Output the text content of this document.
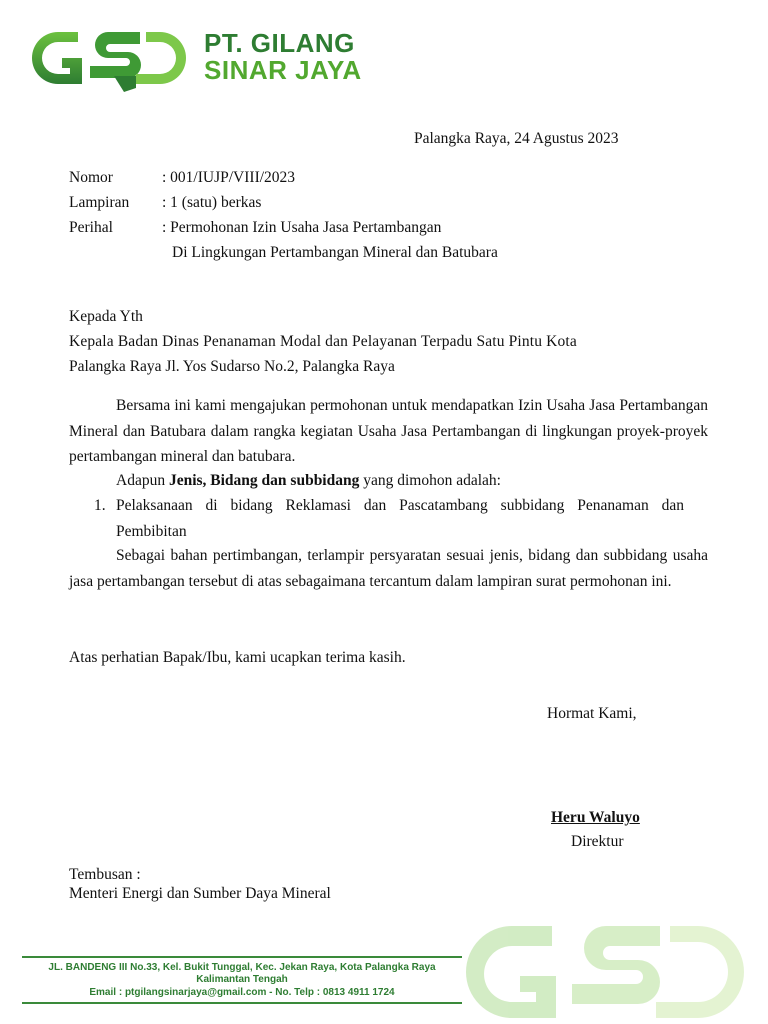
PT. GILANG
SINAR JAYA
Palangka Raya, 24 Agustus 2023
Nomor	: 001/IUJP/VIII/2023
Lampiran : 1 (satu) berkas
Perihal	: Permohonan Izin Usaha Jasa Pertambangan
Di Lingkungan Pertambangan Mineral dan Batubara
Kepada Yth
Kepala Badan Dinas Penanaman Modal dan Pelayanan Terpadu Satu Pintu Kota
Palangka Raya Jl. Yos Sudarso No.2, Palangka Raya
Bersama ini kami mengajukan permohonan untuk mendapatkan Izin Usaha Jasa Pertambangan Mineral dan Batubara dalam rangka kegiatan Usaha Jasa Pertambangan di lingkungan proyek-proyek pertambangan mineral dan batubara.
Adapun Jenis, Bidang dan subbidang yang dimohon adalah:
1. Pelaksanaan di bidang Reklamasi dan Pascatambang subbidang Penanaman dan Pembibitan
Sebagai bahan pertimbangan, terlampir persyaratan sesuai jenis, bidang dan subbidang usaha jasa pertambangan tersebut di atas sebagaimana tercantum dalam lampiran surat permohonan ini.
Atas perhatian Bapak/Ibu, kami ucapkan terima kasih.
Hormat Kami,
Heru Waluyo
Direktur
Tembusan :
Menteri Energi dan Sumber Daya Mineral
JL. BANDENG III No.33, Kel. Bukit Tunggal, Kec. Jekan Raya, Kota Palangka Raya
Kalimantan Tengah
Email : ptgilangsinarjaya@gmail.com - No. Telp : 0813 4911 1724
